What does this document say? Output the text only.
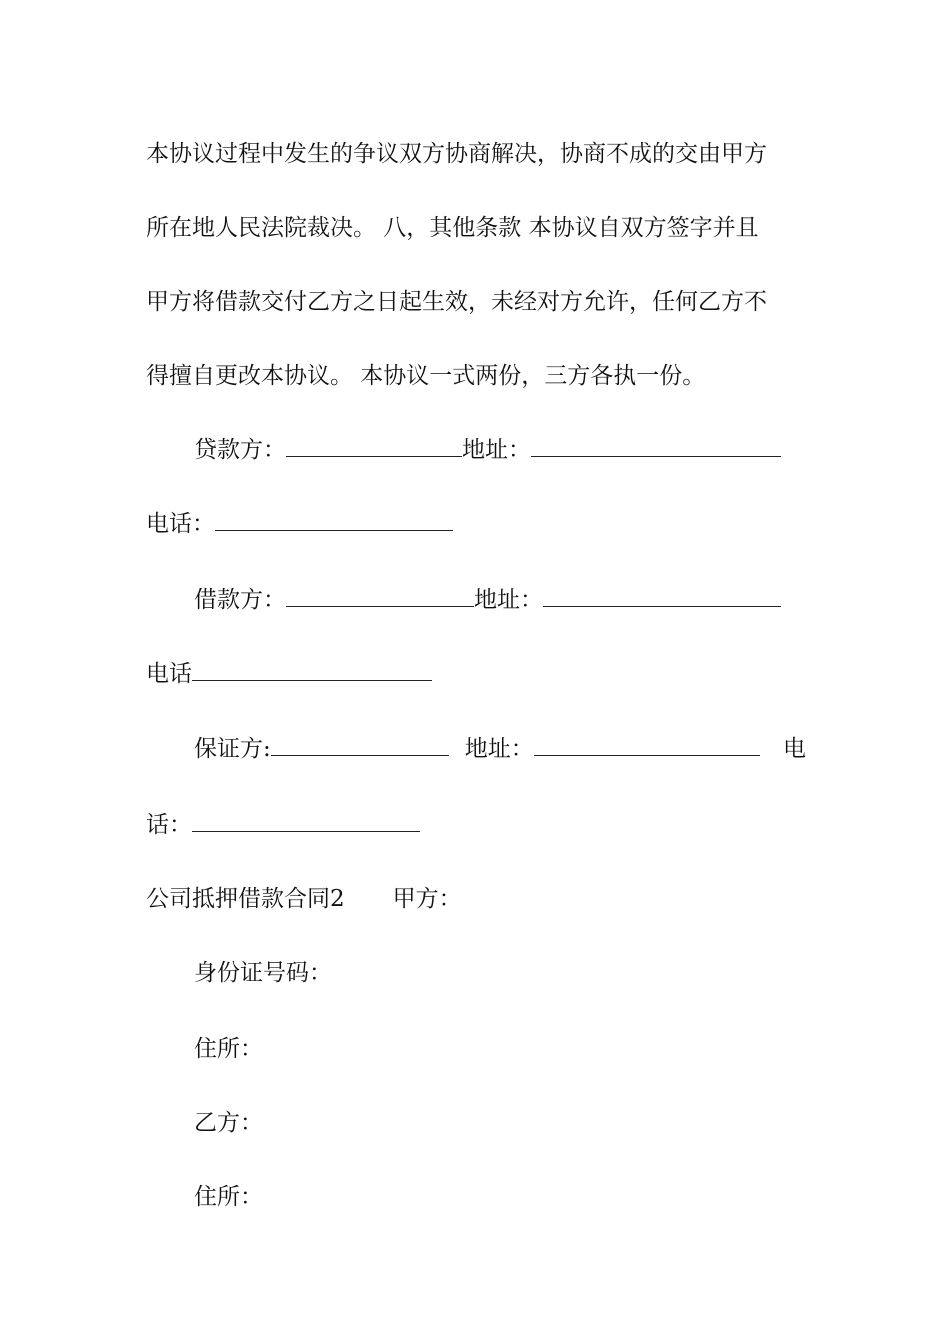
本协议过程中发生的争议双方协商解决，协商不成的交由甲方
所在地人民法院裁决。 八，其他条款 本协议自双方签字并且
甲方将借款交付乙方之日起生效，未经对方允许，任何乙方不
得擅自更改本协议。 本协议一式两份，三方各执一份。
贷款方：	地址：
电话：
借款方：	地址：
电话
保证方:	地址：	电
话：
公司抵押借款合同2 甲方：
身份证号码：
住所：
乙方：
住所：
